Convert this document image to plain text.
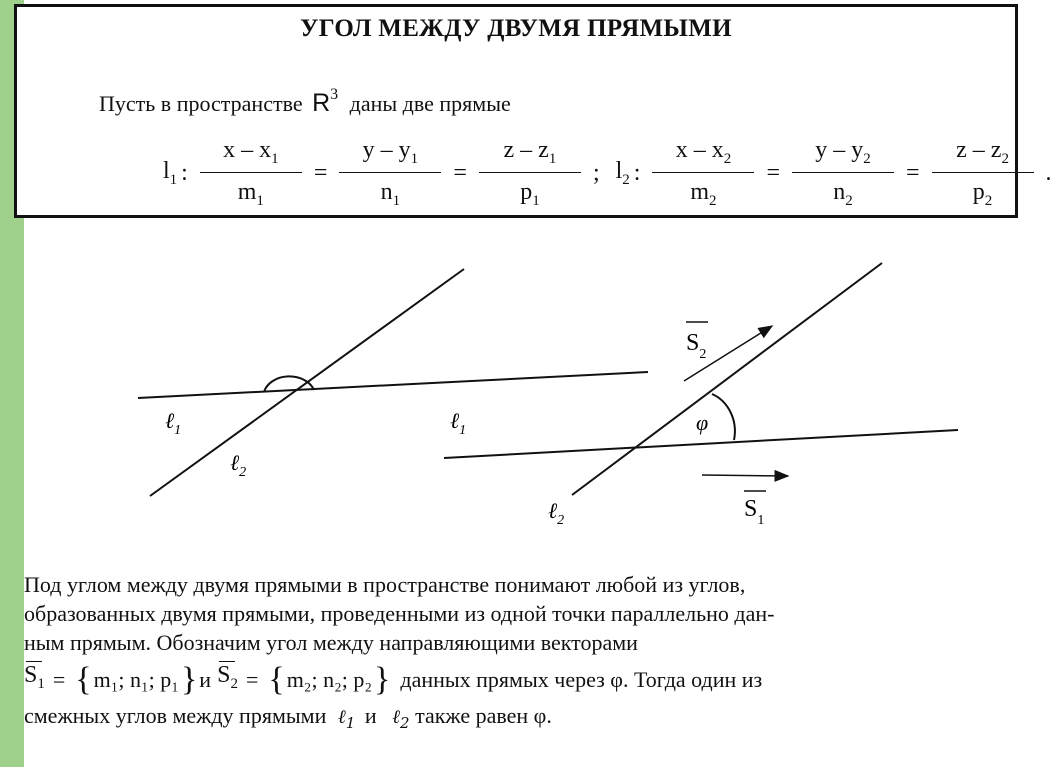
УГОЛ МЕЖДУ ДВУМЯ ПРЯМЫМИ
Пусть в пространстве $R^3$ даны две прямые
$l_1$ : $\frac{x - x_1}{m_1} = \frac{y - y_1}{n_1} = \frac{z - z_1}{p_1}$ ; $l_2$ : $\frac{x - x_2}{m_2} = \frac{y - y_2}{n_2} = \frac{z - z_2}{p_2}$ .
ℓ$_1$
ℓ$_2$
φ
$S_2$
$S_1$
ℓ$_1$
ℓ$_2$

Под углом между двумя прямыми в пространстве понимают любой из углов,

образованных двумя прямыми, проведенными из одной точки параллельно дан-

ным прямым. Обозначим угол между направляющими векторами

$S_1$ = { m₁; n₁; p₁ } и $S_2$ = { m₂; n₂; p₂ } данных прямых через φ. Тогда один из

смежных углов между прямыми ℓ$_1$ и ℓ$_2$ также равен φ.
